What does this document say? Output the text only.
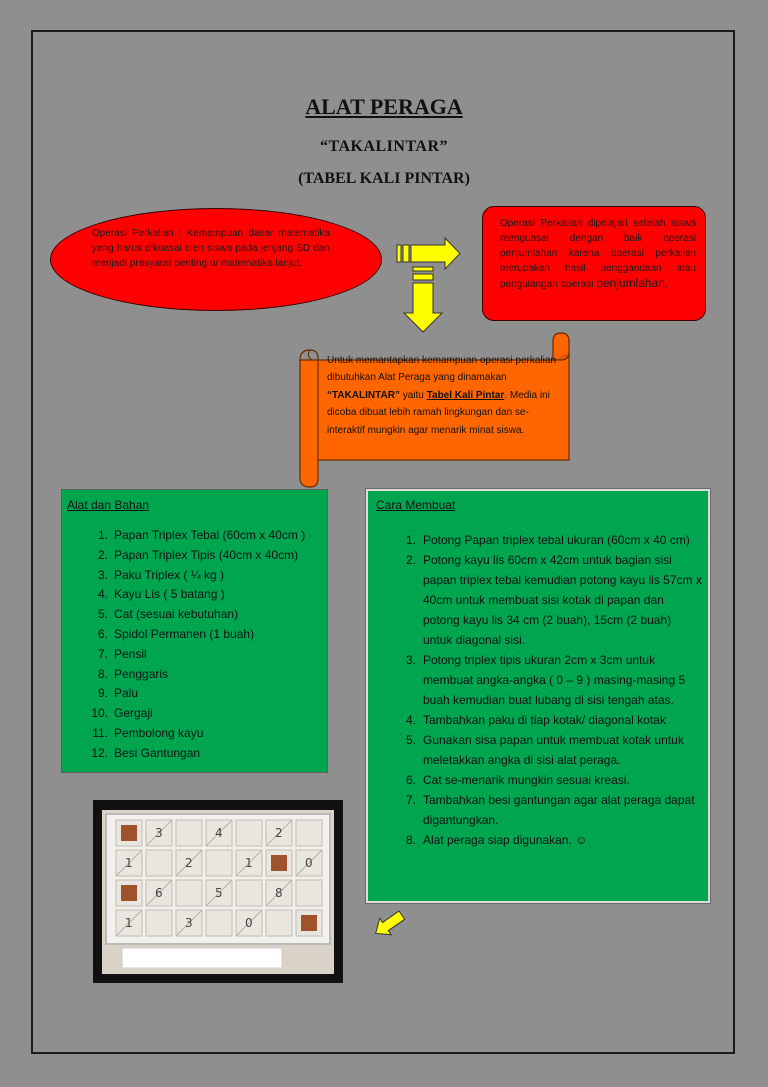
ALAT PERAGA
“TAKALINTAR”
(TABEL KALI PINTAR)
Operasi Perkalian : Kemampuan dasar matematika yang harus dikuasai oleh siswa pada jenjang SD dan menjadi prasyarat penting u/ matematika lanjut.
Operasi Perkalian dipelajari setelah siswa menguasai dengan baik operasi penjumlahan karena operasi perkalian merupakan hasil penggandaan atau pengulangan operasi penjumlahan.
Untuk memantapkan kemampuan operasi perkalian dibutuhkan Alat Peraga yang dinamakan “TAKALINTAR” yaitu Tabel Kali Pintar. Media ini dicoba dibuat lebih ramah lingkungan dan se-interaktif mungkin agar menarik minat siswa.
Alat dan Bahan
1. Papan Triplex Tebal (60cm x 40cm )
2. Papan Triplex Tipis (40cm x 40cm)
3. Paku Triplex ( ¼ kg )
4. Kayu Lis ( 5 batang )
5. Cat (sesuai kebutuhan)
6. Spidol Permanen (1 buah)
7. Pensil
8. Penggaris
9. Palu
10. Gergaji
11. Pembolong kayu
12. Besi Gantungan
Cara Membuat
1. Potong Papan triplex tebal ukuran (60cm x 40 cm)
2. Potong kayu lis 60cm x 42cm untuk bagian sisi papan triplex tebal kemudian potong kayu lis 57cm x 40cm untuk membuat sisi kotak di papan dan potong kayu lis 34 cm (2 buah), 15cm (2 buah) untuk diagonal sisi.
3. Potong triplex tipis ukuran 2cm x 3cm untuk membuat angka-angka ( 0 – 9 ) masing-masing 5 buah kemudian buat lubang di sisi tengah atas.
4. Tambahkan paku di tiap kotak/ diagonal kotak
5. Gunakan sisa papan untuk membuat kotak untuk meletakkan angka di sisi alat peraga.
6. Cat se-menarik mungkin sesuai kreasi.
7. Tambahkan besi gantungan agar alat peraga dapat digantungkan.
8. Alat peraga siap digunakan. ☺
3	4	2
1	2	1	0
6	5	8
1	3	0
